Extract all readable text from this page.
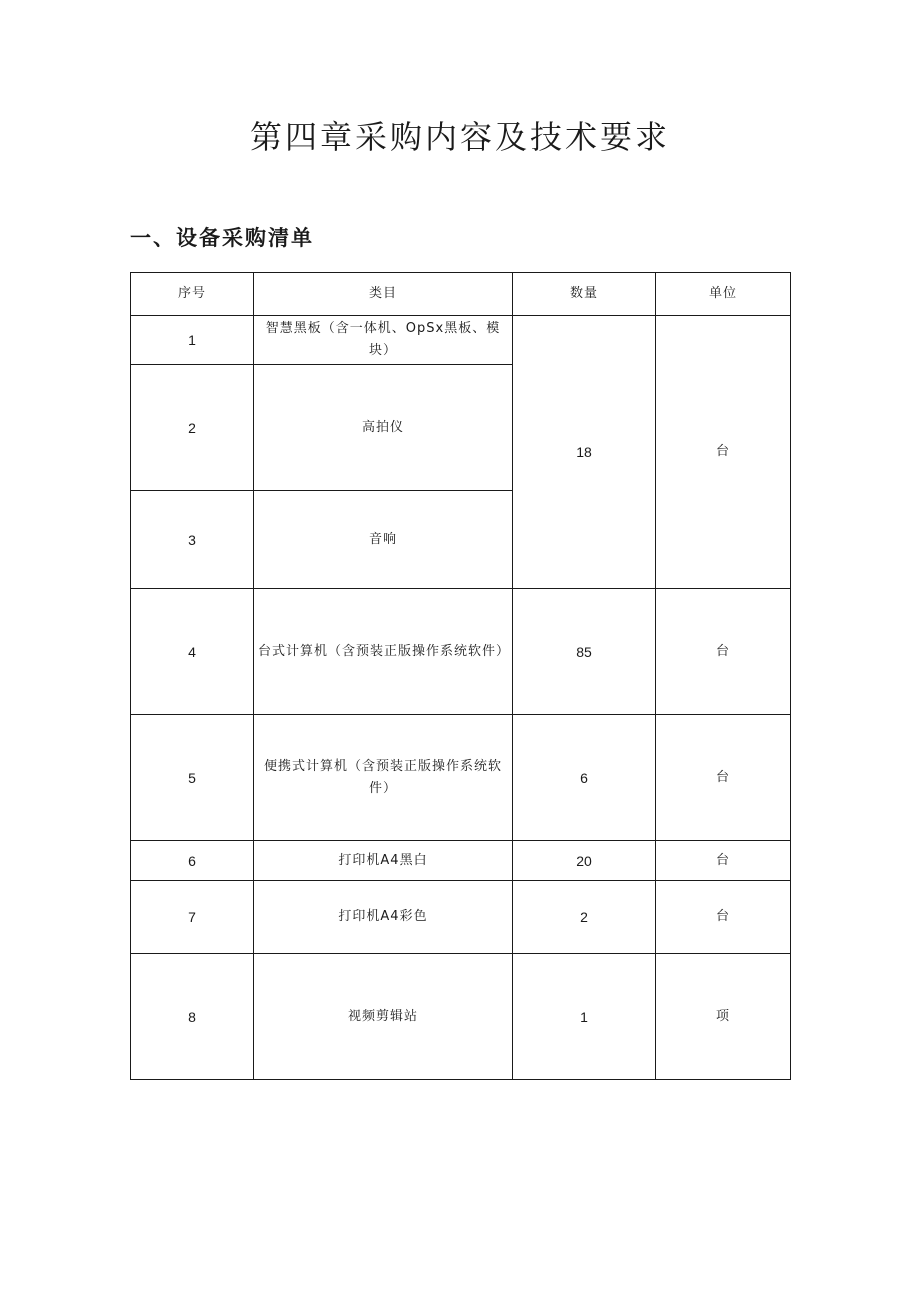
第四章采购内容及技术要求
一、设备采购清单
序号	类目	数量	单位
1	智慧黑板（含一体机、OpSx黑板、模块）	18	台
2	高拍仪		
3	音响		
4	台式计算机（含预装正版操作系统软件）	85	台
5	便携式计算机（含预装正版操作系统软件）	6	台
6	打印机A4黑白	20	台
7	打印机A4彩色	2	台
8	视频剪辑站	1	项
